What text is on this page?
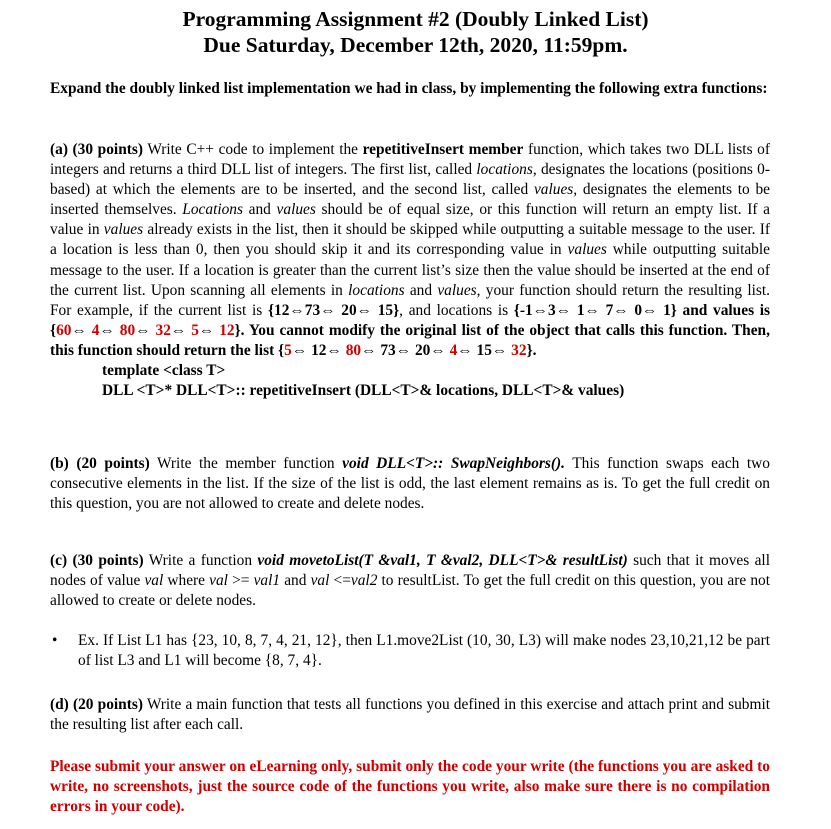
Programming Assignment #2 (Doubly Linked List)
Due Saturday, December 12th, 2020, 11:59pm.
Expand the doubly linked list implementation we had in class, by implementing the following extra functions:
(a) (30 points) Write C++ code to implement the repetitiveInsert member function, which takes two DLL lists of integers and returns a third DLL list of integers. The first list, called locations, designates the locations (positions 0-based) at which the elements are to be inserted, and the second list, called values, designates the elements to be inserted themselves. Locations and values should be of equal size, or this function will return an empty list. If a value in values already exists in the list, then it should be skipped while outputting a suitable message to the user. If a location is less than 0, then you should skip it and its corresponding value in values while outputting suitable message to the user. If a location is greater than the current list’s size then the value should be inserted at the end of the current list. Upon scanning all elements in locations and values, your function should return the resulting list. For example, if the current list is {12⇔73⇔ 20⇔ 15}, and locations is {-1⇔3⇔ 1⇔ 7⇔ 0⇔ 1} and values is {60⇔ 4⇔ 80⇔ 32⇔ 5⇔ 12}. You cannot modify the original list of the object that calls this function. Then, this function should return the list {5⇔ 12⇔ 80⇔ 73⇔ 20⇔ 4⇔ 15⇔ 32}.
template <class T>
DLL <T>* DLL<T>:: repetitiveInsert (DLL<T>& locations, DLL<T>& values)
(b) (20 points) Write the member function void DLL<T>:: SwapNeighbors(). This function swaps each two consecutive elements in the list. If the size of the list is odd, the last element remains as is. To get the full credit on this question, you are not allowed to create and delete nodes.
(c) (30 points) Write a function void movetoList(T &val1, T &val2, DLL<T>& resultList) such that it moves all nodes of value val where val >= val1 and val <=val2 to resultList. To get the full credit on this question, you are not allowed to create or delete nodes.
• Ex. If List L1 has {23, 10, 8, 7, 4, 21, 12}, then L1.move2List (10, 30, L3) will make nodes 23,10,21,12 be part of list L3 and L1 will become {8, 7, 4}.
(d) (20 points) Write a main function that tests all functions you defined in this exercise and attach print and submit the resulting list after each call.
Please submit your answer on eLearning only, submit only the code your write (the functions you are asked to write, no screenshots, just the source code of the functions you write, also make sure there is no compilation errors in your code).
